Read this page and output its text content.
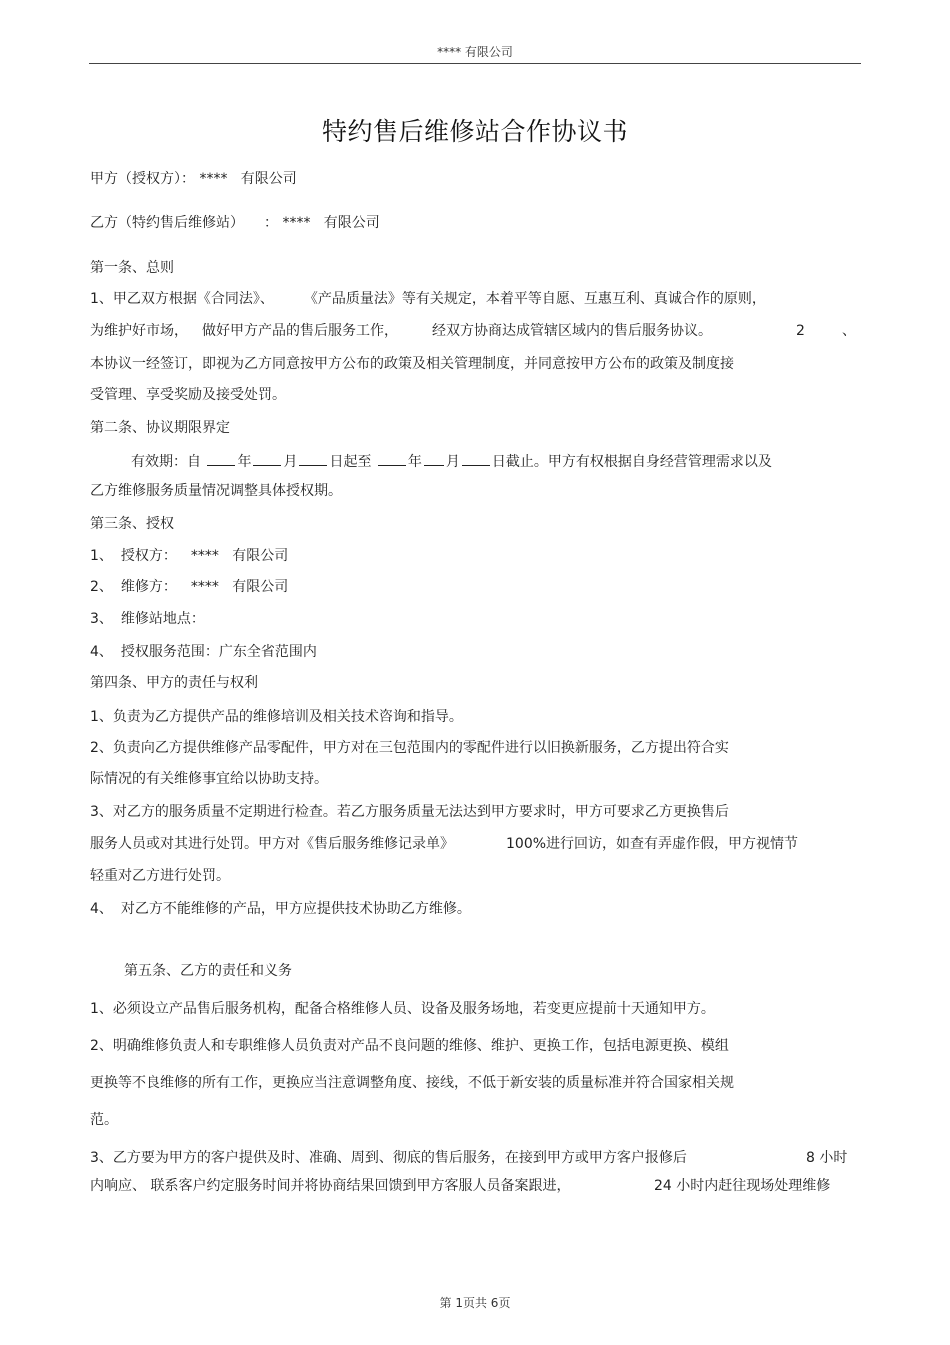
**** 有限公司
特约售后维修站合作协议书
甲方（授权方）： ****   有限公司
乙方（特约售后维修站） ： ****   有限公司
第一条、总则
1、甲乙双方根据《合同法》、 《产品质量法》等有关规定，本着平等自愿、互惠互利、真诚合作的原则，
为维护好市场， 做好甲方产品的售后服务工作， 经双方协商达成管辖区域内的售后服务协议。	2	、
本协议一经签订，即视为乙方同意按甲方公布的政策及相关管理制度，并同意按甲方公布的政策及制度接
受管理、享受奖励及接受处罚。
第二条、协议期限界定
有效期：自	年 月 日起至	年 月 日截止。甲方有权根据自身经营管理需求以及
乙方维修服务质量情况调整具体授权期。
第三条、授权
1、 授权方： ****   有限公司
2、 维修方： ****   有限公司
3、 维修站地点：
4、 授权服务范围：广东全省范围内
第四条、甲方的责任与权利
1、负责为乙方提供产品的维修培训及相关技术咨询和指导。
2、负责向乙方提供维修产品零配件，甲方对在三包范围内的零配件进行以旧换新服务，乙方提出符合实
际情况的有关维修事宜给以协助支持。
3、对乙方的服务质量不定期进行检查。若乙方服务质量无法达到甲方要求时，甲方可要求乙方更换售后
服务人员或对其进行处罚。甲方对《售后服务维修记录单》	100%进行回访，如查有弄虚作假，甲方视情节
轻重对乙方进行处罚。
4、 对乙方不能维修的产品，甲方应提供技术协助乙方维修。
第五条、乙方的责任和义务
1、必须设立产品售后服务机构，配备合格维修人员、设备及服务场地，若变更应提前十天通知甲方。
2、明确维修负责人和专职维修人员负责对产品不良问题的维修、维护、更换工作，包括电源更换、模组
更换等不良维修的所有工作，更换应当注意调整角度、接线，不低于新安装的质量标准并符合国家相关规
范。
3、乙方要为甲方的客户提供及时、准确、周到、彻底的售后服务，在接到甲方或甲方客户报修后	8 小时
内响应、 联系客户约定服务时间并将协商结果回馈到甲方客服人员备案跟进，	24 小时内赶往现场处理维修
第 1页共 6页
